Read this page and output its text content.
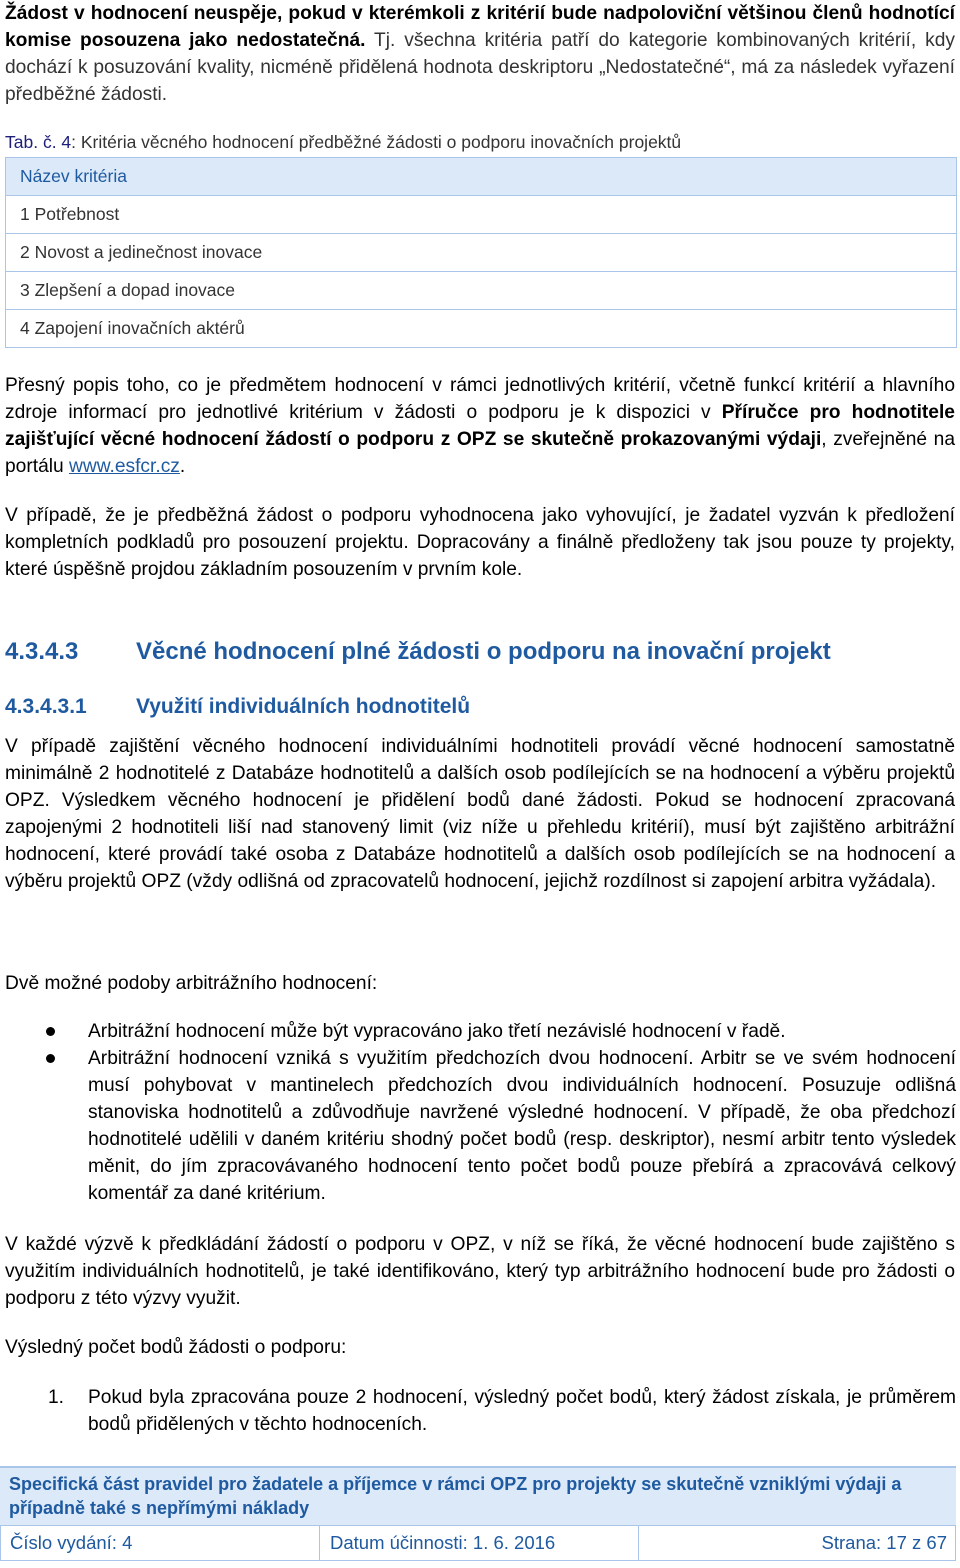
Žádost v hodnocení neuspěje, pokud v kterémkoli z kritérií bude nadpoloviční většinou členů hodnotící komise posouzena jako nedostatečná. Tj. všechna kritéria patří do kategorie kombinovaných kritérií, kdy dochází k posuzování kvality, nicméně přidělená hodnota deskriptoru „Nedostatečné“, má za následek vyřazení předběžné žádosti.

Tab. č. 4: Kritéria věcného hodnocení předběžné žádosti o podporu inovačních projektů
Název kritéria
1 Potřebnost
2 Novost a jedinečnost inovace
3 Zlepšení a dopad inovace
4 Zapojení inovačních aktérů

Přesný popis toho, co je předmětem hodnocení v rámci jednotlivých kritérií, včetně funkcí kritérií a hlavního zdroje informací pro jednotlivé kritérium v žádosti o podporu je k dispozici v Příručce pro hodnotitele zajišťující věcné hodnocení žádostí o podporu z OPZ se skutečně prokazovanými výdaji, zveřejněné na portálu www.esfcr.cz.

V případě, že je předběžná žádost o podporu vyhodnocena jako vyhovující, je žadatel vyzván k předložení kompletních podkladů pro posouzení projektu. Dopracovány a finálně předloženy tak jsou pouze ty projekty, které úspěšně projdou základním posouzením v prvním kole.

4.3.4.3 Věcné hodnocení plné žádosti o podporu na inovační projekt
4.3.4.3.1 Využití individuálních hodnotitelů

V případě zajištění věcného hodnocení individuálními hodnotiteli provádí věcné hodnocení samostatně minimálně 2 hodnotitelé z Databáze hodnotitelů a dalších osob podílejících se na hodnocení a výběru projektů OPZ. Výsledkem věcného hodnocení je přidělení bodů dané žádosti. Pokud se hodnocení zpracovaná zapojenými 2 hodnotiteli liší nad stanovený limit (viz níže u přehledu kritérií), musí být zajištěno arbitrážní hodnocení, které provádí také osoba z Databáze hodnotitelů a dalších osob podílejících se na hodnocení a výběru projektů OPZ (vždy odlišná od zpracovatelů hodnocení, jejichž rozdílnost si zapojení arbitra vyžádala).

Dvě možné podoby arbitrážního hodnocení:

Arbitrážní hodnocení může být vypracováno jako třetí nezávislé hodnocení v řadě.

Arbitrážní hodnocení vzniká s využitím předchozích dvou hodnocení. Arbitr se ve svém hodnocení musí pohybovat v mantinelech předchozích dvou individuálních hodnocení. Posuzuje odlišná stanoviska hodnotitelů a zdůvodňuje navržené výsledné hodnocení. V případě, že oba předchozí hodnotitelé udělili v daném kritériu shodný počet bodů (resp. deskriptor), nesmí arbitr tento výsledek měnit, do jím zpracovávaného hodnocení tento počet bodů pouze přebírá a zpracovává celkový komentář za dané kritérium.

V každé výzvě k předkládání žádostí o podporu v OPZ, v níž se říká, že věcné hodnocení bude zajištěno s využitím individuálních hodnotitelů, je také identifikováno, který typ arbitrážního hodnocení bude pro žádosti o podporu z této výzvy využit.

Výsledný počet bodů žádosti o podporu:

1. Pokud byla zpracována pouze 2 hodnocení, výsledný počet bodů, který žádost získala, je průměrem bodů přidělených v těchto hodnoceních.

Specifická část pravidel pro žadatele a příjemce v rámci OPZ pro projekty se skutečně vzniklými výdaji a případně také s nepřímými náklady
Číslo vydání: 4	Datum účinnosti: 1. 6. 2016	Strana: 17 z 67
